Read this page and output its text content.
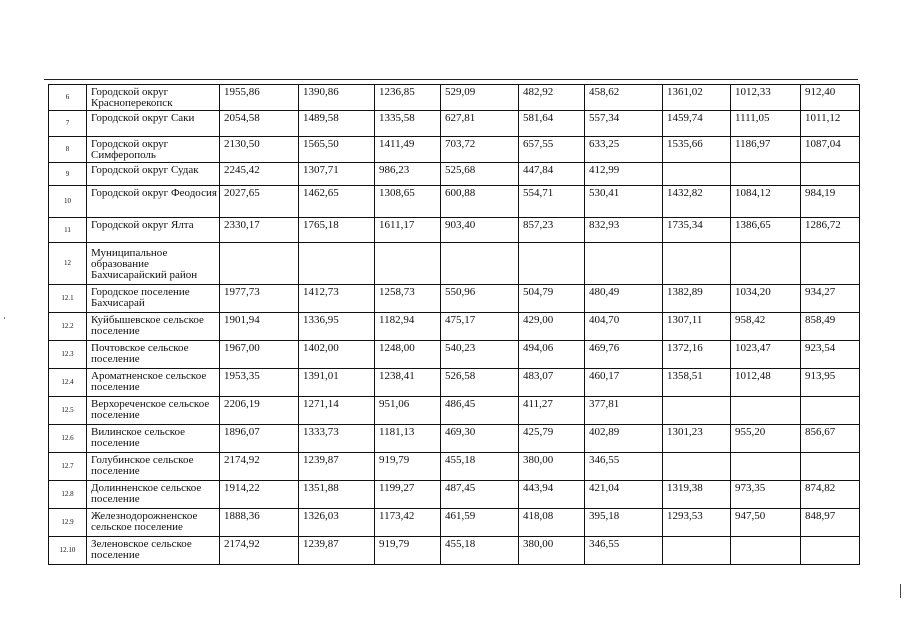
6	Городской округ Красноперекопск	1955,86	1390,86	1236,85	529,09	482,92	458,62	1361,02	1012,33	912,40
7	Городской округ Саки	2054,58	1489,58	1335,58	627,81	581,64	557,34	1459,74	1111,05	1011,12
8	Городской округ Симферополь	2130,50	1565,50	1411,49	703,72	657,55	633,25	1535,66	1186,97	1087,04
9	Городской округ Судак	2245,42	1307,71	986,23	525,68	447,84	412,99			
10	Городской округ Феодосия	2027,65	1462,65	1308,65	600,88	554,71	530,41	1432,82	1084,12	984,19
11	Городской округ Ялта	2330,17	1765,18	1611,17	903,40	857,23	832,93	1735,34	1386,65	1286,72
12	Муниципальное образование Бахчисарайский район									
12.1	Городское поселение Бахчисарай	1977,73	1412,73	1258,73	550,96	504,79	480,49	1382,89	1034,20	934,27
12.2	Куйбышевское сельское поселение	1901,94	1336,95	1182,94	475,17	429,00	404,70	1307,11	958,42	858,49
12.3	Почтовское сельское поселение	1967,00	1402,00	1248,00	540,23	494,06	469,76	1372,16	1023,47	923,54
12.4	Ароматненское сельское поселение	1953,35	1391,01	1238,41	526,58	483,07	460,17	1358,51	1012,48	913,95
12.5	Верхореченское сельское поселение	2206,19	1271,14	951,06	486,45	411,27	377,81			
12.6	Вилинское сельское поселение	1896,07	1333,73	1181,13	469,30	425,79	402,89	1301,23	955,20	856,67
12.7	Голубинское сельское поселение	2174,92	1239,87	919,79	455,18	380,00	346,55			
12.8	Долинненское сельское поселение	1914,22	1351,88	1199,27	487,45	443,94	421,04	1319,38	973,35	874,82
12.9	Железнодорожненское сельское поселение	1888,36	1326,03	1173,42	461,59	418,08	395,18	1293,53	947,50	848,97
12.10	Зеленовское сельское поселение	2174,92	1239,87	919,79	455,18	380,00	346,55			
